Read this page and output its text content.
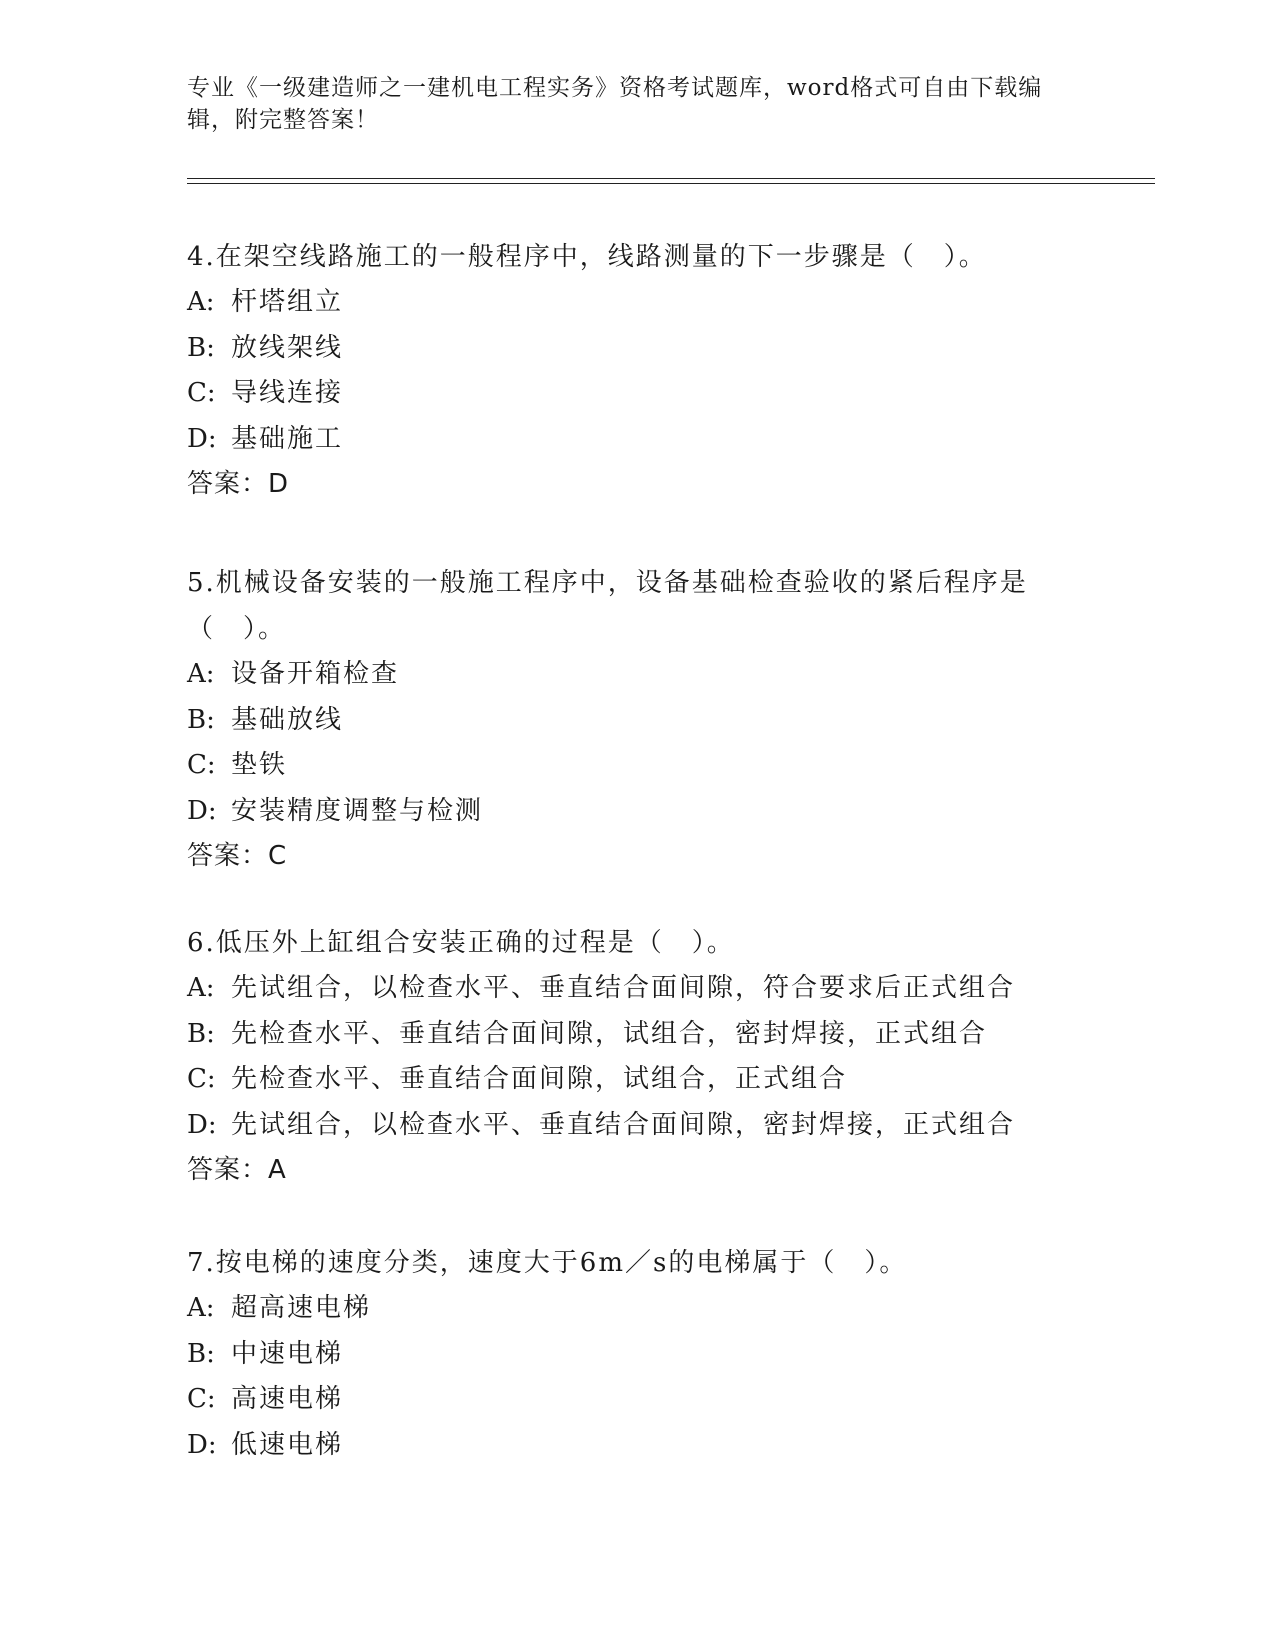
专业《一级建造师之一建机电工程实务》资格考试题库，word格式可自由下载编辑，附完整答案！
4.在架空线路施工的一般程序中，线路测量的下一步骤是（　）。
A: 杆塔组立
B: 放线架线
C: 导线连接
D: 基础施工
答案：D
5.机械设备安装的一般施工程序中，设备基础检查验收的紧后程序是（　）。
A: 设备开箱检查
B: 基础放线
C: 垫铁
D: 安装精度调整与检测
答案：C
6.低压外上缸组合安装正确的过程是（　）。
A: 先试组合，以检查水平、垂直结合面间隙，符合要求后正式组合
B: 先检查水平、垂直结合面间隙，试组合，密封焊接，正式组合
C: 先检查水平、垂直结合面间隙，试组合，正式组合
D: 先试组合，以检查水平、垂直结合面间隙，密封焊接，正式组合
答案：A
7.按电梯的速度分类，速度大于6m／s的电梯属于（　）。
A: 超高速电梯
B: 中速电梯
C: 高速电梯
D: 低速电梯
